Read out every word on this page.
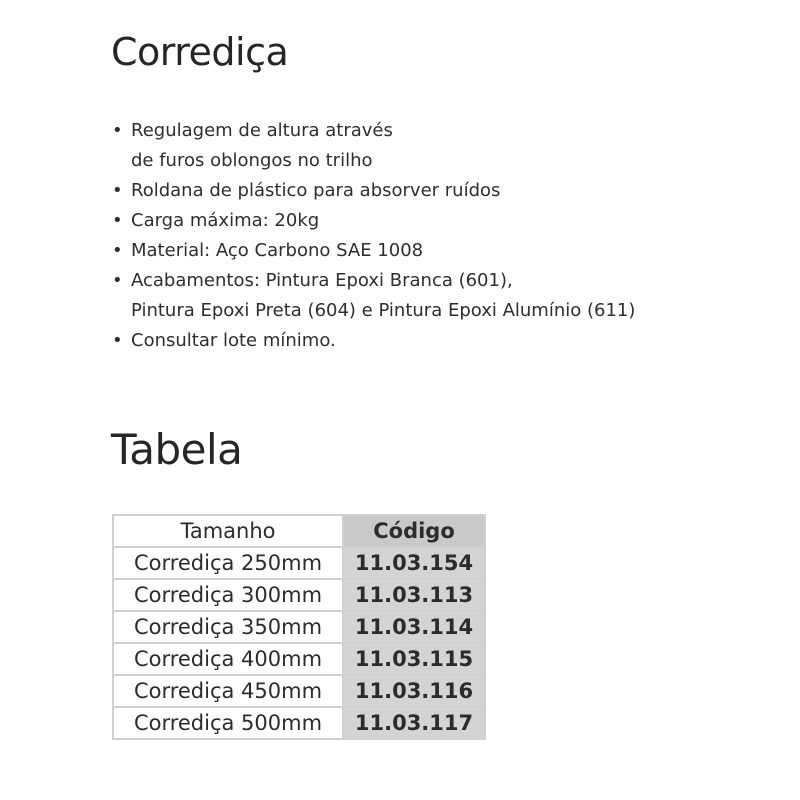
Corrediça
• Regulagem de altura através
de furos oblongos no trilho
• Roldana de plástico para absorver ruídos
• Carga máxima: 20kg
• Material: Aço Carbono SAE 1008
• Acabamentos: Pintura Epoxi Branca (601),
Pintura Epoxi Preta (604) e Pintura Epoxi Alumínio (611)
• Consultar lote mínimo.
Tabela
Tamanho	Código
Corrediça 250mm	11.03.154
Corrediça 300mm	11.03.113
Corrediça 350mm	11.03.114
Corrediça 400mm	11.03.115
Corrediça 450mm	11.03.116
Corrediça 500mm	11.03.117
